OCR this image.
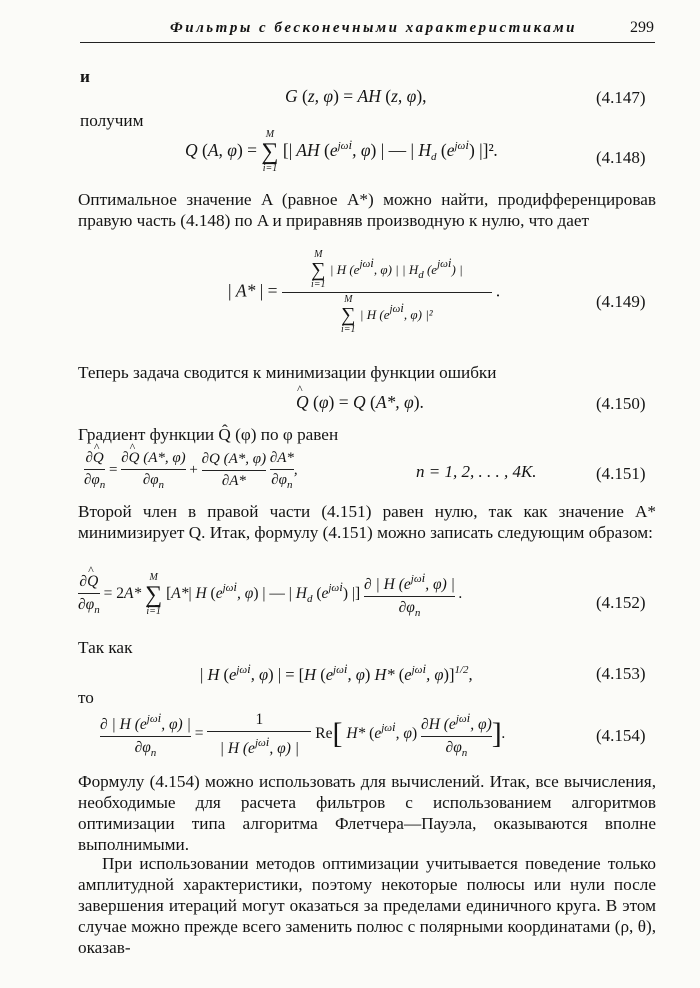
Фильтры с бесконечными характеристиками	299
и
G (z, φ) = AH (z, φ),	(4.147)
получим
Q (A, φ) =
M
∑
i=1
[| AH ($e^{j\omega i}$, φ) | — | $H_d$ $(e^{j\omega i})$ |]².	(4.148)
Оптимальное значение A (равное A*) можно найти, продифференцировав правую часть (4.148) по A и приравняв производную к нулю, что дает
| A* | = M
∑
i=1
| H ($e^{j\omega i}$, φ) | | $H_d$ $(e^{j\omega i})$ |
M
∑
i=1
| H ($e^{j\omega i}$, φ) |² .
(4.149)
Теперь задача сводится к минимизации функции ошибки
^ Q (φ) = Q (A*, φ).	(4.150)
Градиент функции Q̂ (φ) по φ равен
$\frac{\partial\^{} Q}{\partial\varphi_n} = \frac{\partial\^{} Q (A*, \varphi)}{\partial\varphi_n} + \frac{\partial Q (A*, \varphi)}{\partial A*}$
$\frac{\partial A*}{\partial\varphi_n}$ ,	n = 1, 2, . . . , 4K.	(4.151)
Второй член в правой части (4.151) равен нулю, так как значение A* минимизирует Q. Итак, формулу (4.151) можно записать следующим образом:
$\frac{\partial\^{} Q}{\partial\varphi_n} = 2A*$
M
∑
i=1
[A*| H ($e^{j\omega i}$, φ) | — | $H_d$ $(e^{j\omega i})$ |] $\frac{\partial | H (e^{j\omega i}, \varphi) |}{\partial\varphi_n}$ .	(4.152)
Так как
| H ($e^{j\omega i}$, φ) | = [H ($e^{j\omega i}$, φ) H* ($e^{j\omega i}$, φ)]$^{1/2}$,	(4.153)
то
$\frac{\partial | H (e^{j\omega i}, \varphi) |}{\partial\varphi_n} = \frac{1}{| H (e^{j\omega i}, \varphi) |} Re$[ H* ($e^{j\omega i}$, $\varphi) \frac{\partial H (e^{j\omega i}, \varphi)}{\partial\varphi_n}$ ].	(4.154)
Формулу (4.154) можно использовать для вычислений. Итак, все вычисления, необходимые для расчета фильтров с использованием алгоритмов оптимизации типа алгоритма Флетчера—Пауэла, оказываются вполне выполнимыми.
При использовании методов оптимизации учитывается поведение только амплитудной характеристики, поэтому некоторые полюсы или нули после завершения итераций могут оказаться за пределами единичного круга. В этом случае можно прежде всего заменить полюс с полярными координатами (ρ, θ), оказав-
